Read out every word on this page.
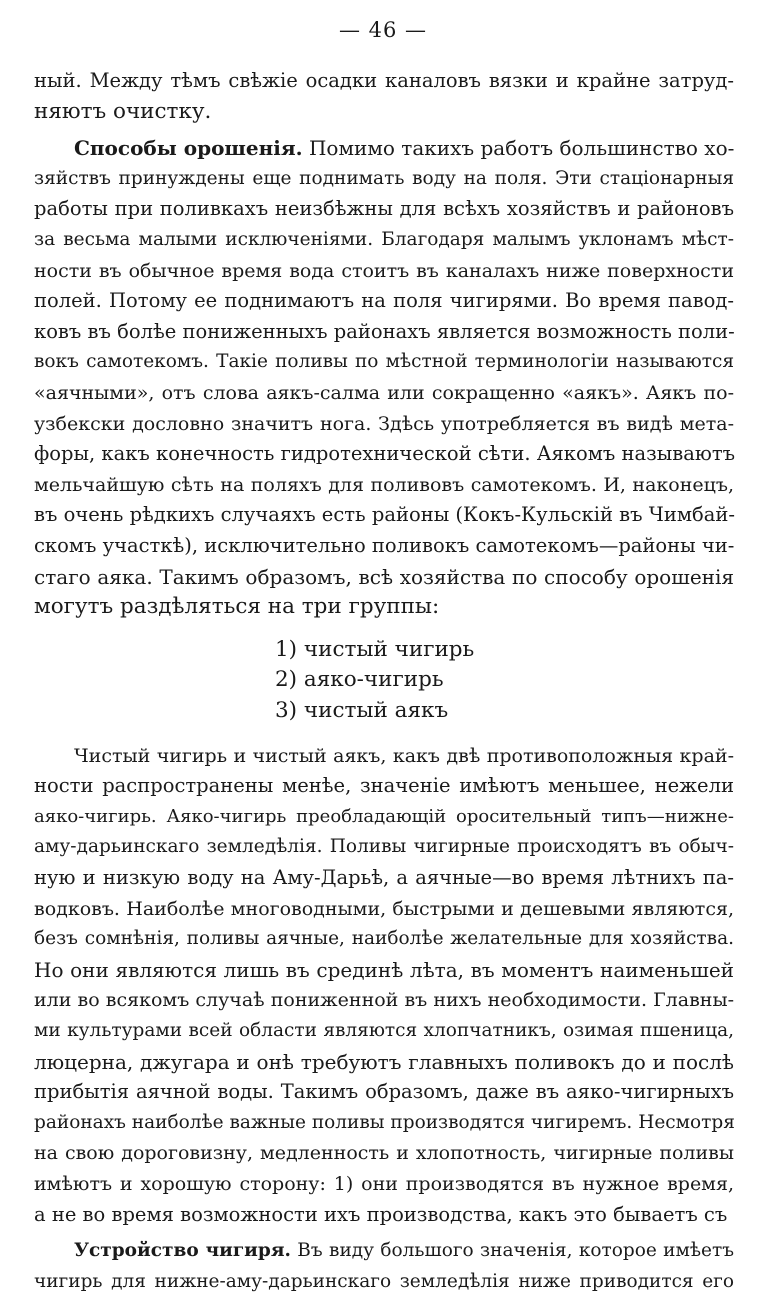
— 46 —
ный. Между тѣмъ свѣжіе осадки каналовъ вязки и крайне затруд-
няютъ очистку.
Способы орошенія. Помимо такихъ работъ большинство хо-
зяйствъ принуждены еще поднимать воду на поля. Эти стаціонарныя
работы при поливкахъ неизбѣжны для всѣхъ хозяйствъ и районовъ
за весьма малыми исключеніями. Благодаря малымъ уклонамъ мѣст-
ности въ обычное время вода стоитъ въ каналахъ ниже поверхности
полей. Потому ее поднимаютъ на поля чигирями. Во время павод-
ковъ въ болѣе пониженныхъ районахъ является возможность поли-
вокъ самотекомъ. Такіе поливы по мѣстной терминологіи называются
«аячными», отъ слова аякъ-салма или сокращенно «аякъ». Аякъ по-
узбекски дословно значитъ нога. Здѣсь употребляется въ видѣ мета-
форы, какъ конечность гидротехнической сѣти. Аякомъ называютъ
мельчайшую сѣть на поляхъ для поливовъ самотекомъ. И, наконецъ,
въ очень рѣдкихъ случаяхъ есть районы (Кокъ-Кульскій въ Чимбай-
скомъ участкѣ), исключительно поливокъ самотекомъ—районы чи-
стаго аяка. Такимъ образомъ, всѣ хозяйства по способу орошенія
могутъ раздѣляться на три группы:
1) чистый чигирь
2) аяко-чигирь
3) чистый аякъ
Чистый чигирь и чистый аякъ, какъ двѣ противоположныя край-
ности распространены менѣе, значеніе имѣютъ меньшее, нежели
аяко-чигирь. Аяко-чигирь преобладающій оросительный типъ—нижне-
аму-дарьинскаго земледѣлія. Поливы чигирные происходятъ въ обыч-
ную и низкую воду на Аму-Дарьѣ, а аячные—во время лѣтнихъ па-
водковъ. Наиболѣе многоводными, быстрыми и дешевыми являются,
безъ сомнѣнія, поливы аячные, наиболѣе желательные для хозяйства.
Но они являются лишь въ срединѣ лѣта, въ моментъ наименьшей
или во всякомъ случаѣ пониженной въ нихъ необходимости. Главны-
ми культурами всей области являются хлопчатникъ, озимая пшеница,
люцерна, джугара и онѣ требуютъ главныхъ поливокъ до и послѣ
прибытія аячной воды. Такимъ образомъ, даже въ аяко-чигирныхъ
районахъ наиболѣе важные поливы производятся чигиремъ. Несмотря
на свою дороговизну, медленность и хлопотность, чигирные поливы
имѣютъ и хорошую сторону: 1) они производятся въ нужное время,
а не во время возможности ихъ производства, какъ это бываетъ съ
Устройство чигиря. Въ виду большого значенія, которое имѣетъ
чигирь для нижне-аму-дарьинскаго земледѣлія ниже приводится его
